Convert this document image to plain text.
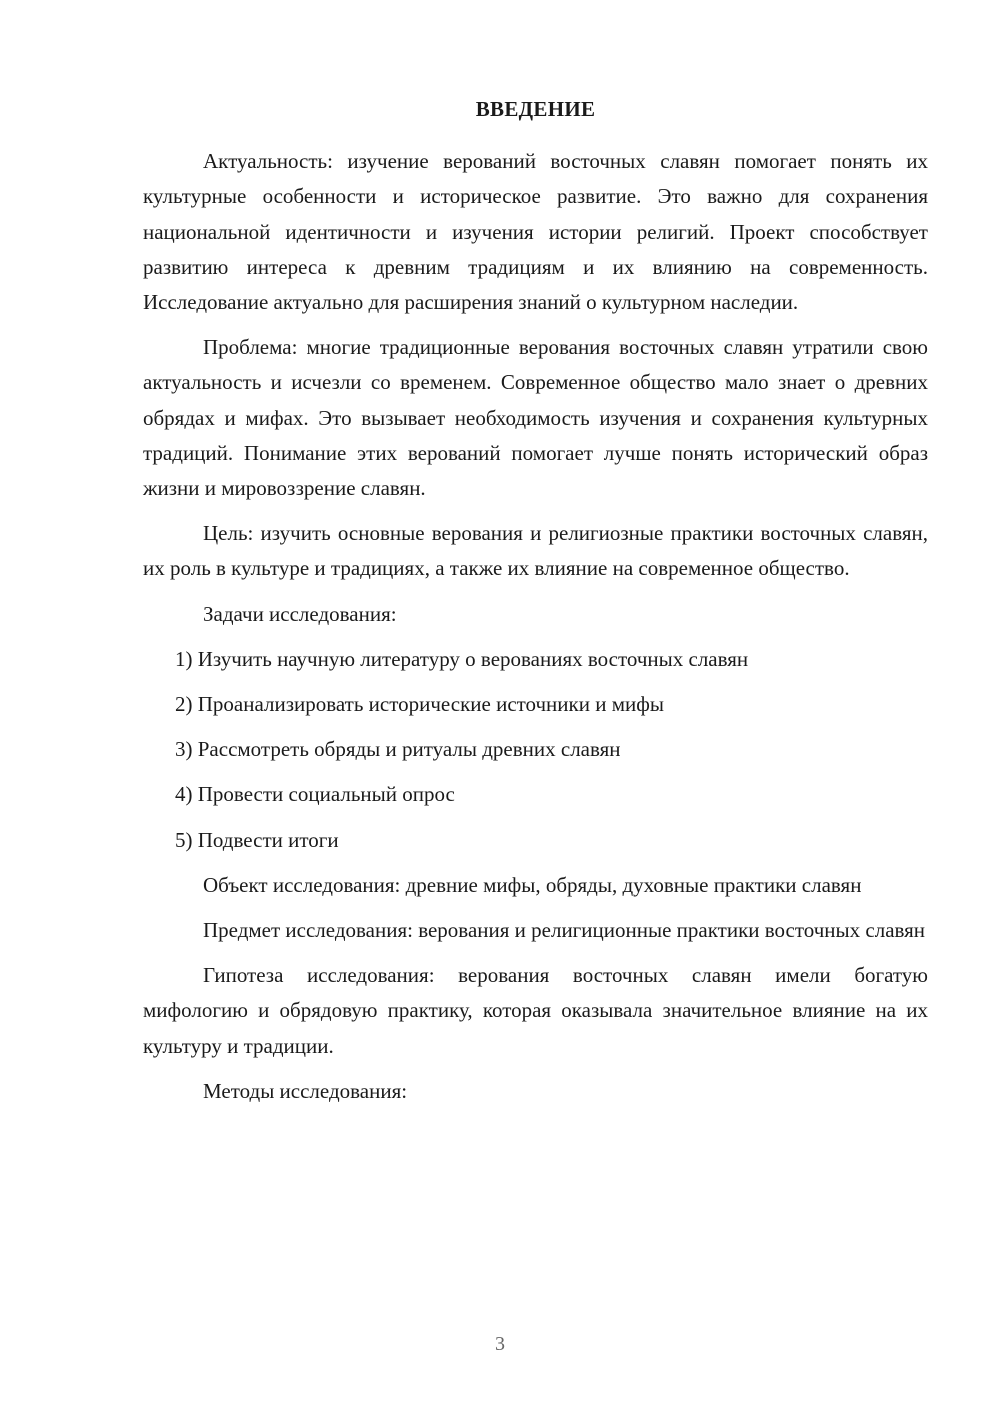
ВВЕДЕНИЕ

Актуальность: изучение верований восточных славян помогает понять их культурные особенности и историческое развитие. Это важно для сохранения национальной идентичности и изучения истории религий. Проект способствует развитию интереса к древним традициям и их влиянию на современность. Исследование актуально для расширения знаний о культурном наследии.

Проблема: многие традиционные верования восточных славян утратили свою актуальность и исчезли со временем. Современное общество мало знает о древних обрядах и мифах. Это вызывает необходимость изучения и сохранения культурных традиций. Понимание этих верований помогает лучше понять исторический образ жизни и мировоззрение славян.

Цель: изучить основные верования и религиозные практики восточных славян, их роль в культуре и традициях, а также их влияние на современное общество.

Задачи исследования:

1) Изучить научную литературу о верованиях восточных славян
2) Проанализировать исторические источники и мифы
3) Рассмотреть обряды и ритуалы древних славян
4) Провести социальный опрос
5) Подвести итоги

Объект исследования: древние мифы, обряды, духовные практики славян

Предмет исследования: верования и религиционные практики восточных славян

Гипотеза исследования: верования восточных славян имели богатую мифологию и обрядовую практику, которая оказывала значительное влияние на их культуру и традиции.

Методы исследования:

3
